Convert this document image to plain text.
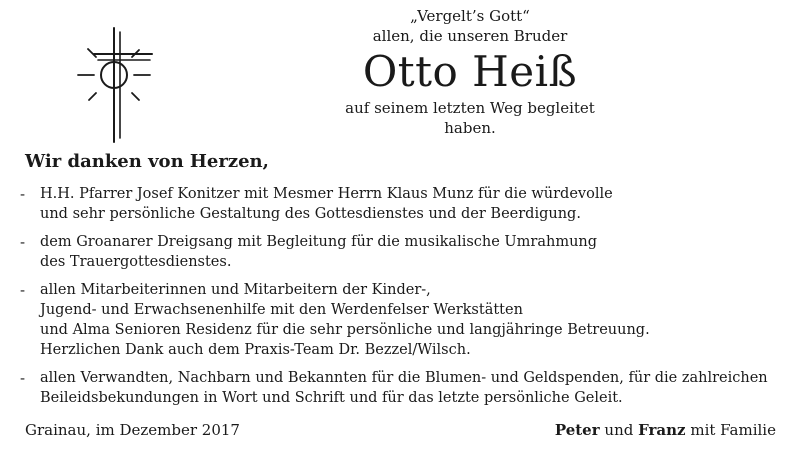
„Vergelt’s Gott“
allen, die unseren Bruder
Otto Heiß
auf seinem letzten Weg begleitet haben.
Wir danken von Herzen,
- H.H. Pfarrer Josef Konitzer mit Mesmer Herrn Klaus Munz für die würdevolle
und sehr persönliche Gestaltung des Gottesdienstes und der Beerdigung.
- dem Groanarer Dreigsang mit Begleitung für die musikalische Umrahmung
des Trauergottesdienstes.
- allen Mitarbeiterinnen und Mitarbeitern der Kinder-,
Jugend- und Erwachsenenhilfe mit den Werdenfelser Werkstätten
und Alma Senioren Residenz für die sehr persönliche und langjähringe Betreuung.
Herzlichen Dank auch dem Praxis-Team Dr. Bezzel/Wilsch.
- allen Verwandten, Nachbarn und Bekannten für die Blumen- und Geldspenden, für die zahlreichen
Beileidsbekundungen in Wort und Schrift und für das letzte persönliche Geleit.
Grainau, im Dezember 2017	Peter und Franz mit Familie
